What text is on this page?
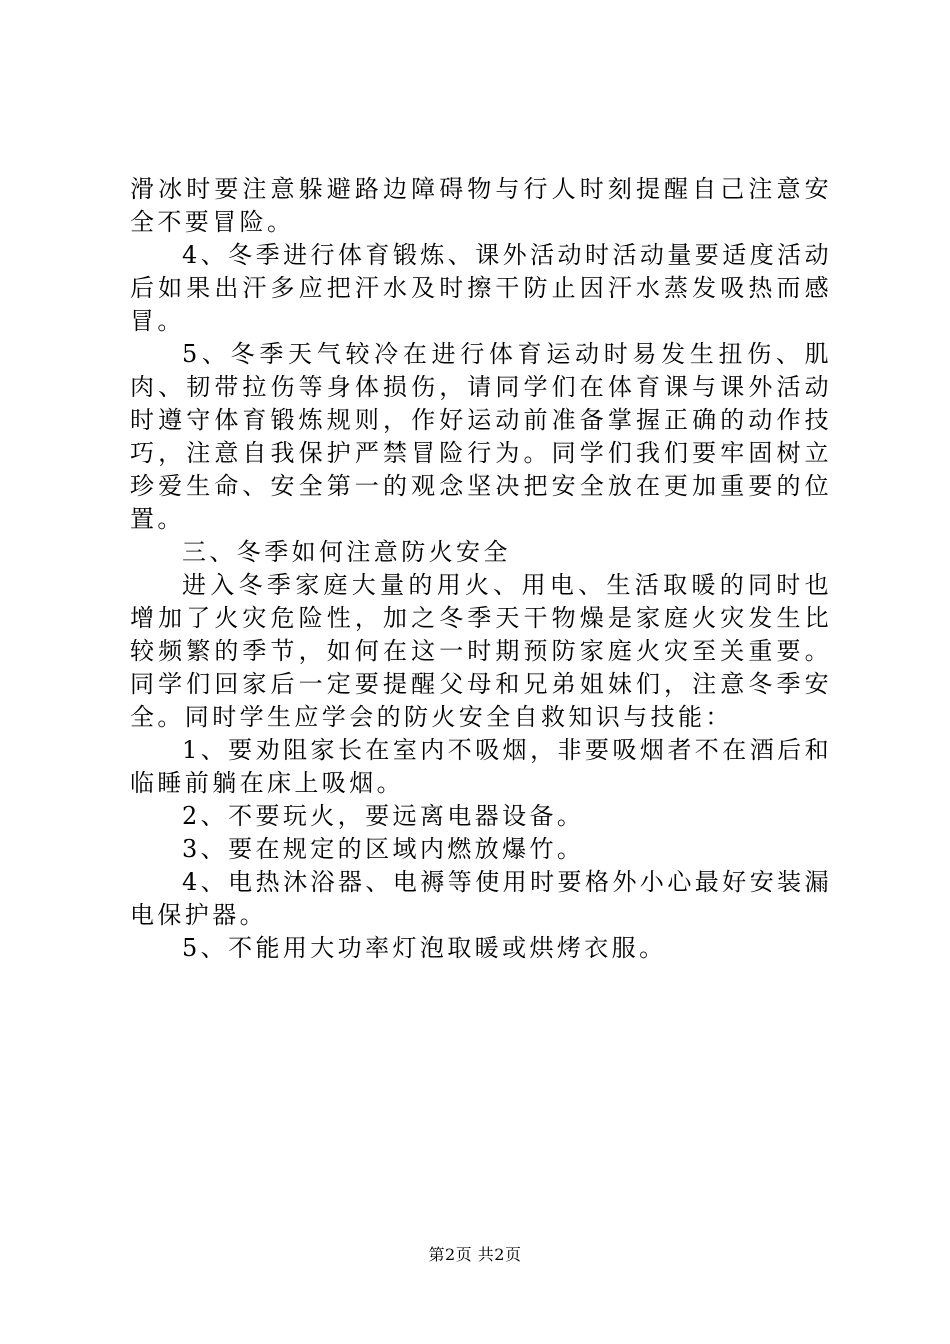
滑冰时要注意躲避路边障碍物与行人时刻提醒自己注意安全不要冒险。

4、冬季进行体育锻炼、课外活动时活动量要适度活动后如果出汗多应把汗水及时擦干防止因汗水蒸发吸热而感冒。

5、冬季天气较冷在进行体育运动时易发生扭伤、肌肉、韧带拉伤等身体损伤，请同学们在体育课与课外活动时遵守体育锻炼规则，作好运动前准备掌握正确的动作技巧，注意自我保护严禁冒险行为。同学们我们要牢固树立珍爱生命、安全第一的观念坚决把安全放在更加重要的位置。

三、冬季如何注意防火安全

进入冬季家庭大量的用火、用电、生活取暖的同时也增加了火灾危险性，加之冬季天干物燥是家庭火灾发生比较频繁的季节，如何在这一时期预防家庭火灾至关重要。同学们回家后一定要提醒父母和兄弟姐妹们，注意冬季安全。同时学生应学会的防火安全自救知识与技能：

1、要劝阻家长在室内不吸烟，非要吸烟者不在酒后和临睡前躺在床上吸烟。

2、不要玩火，要远离电器设备。

3、要在规定的区域内燃放爆竹。

4、电热沐浴器、电褥等使用时要格外小心最好安装漏电保护器。

5、不能用大功率灯泡取暖或烘烤衣服。

第2页 共2页
